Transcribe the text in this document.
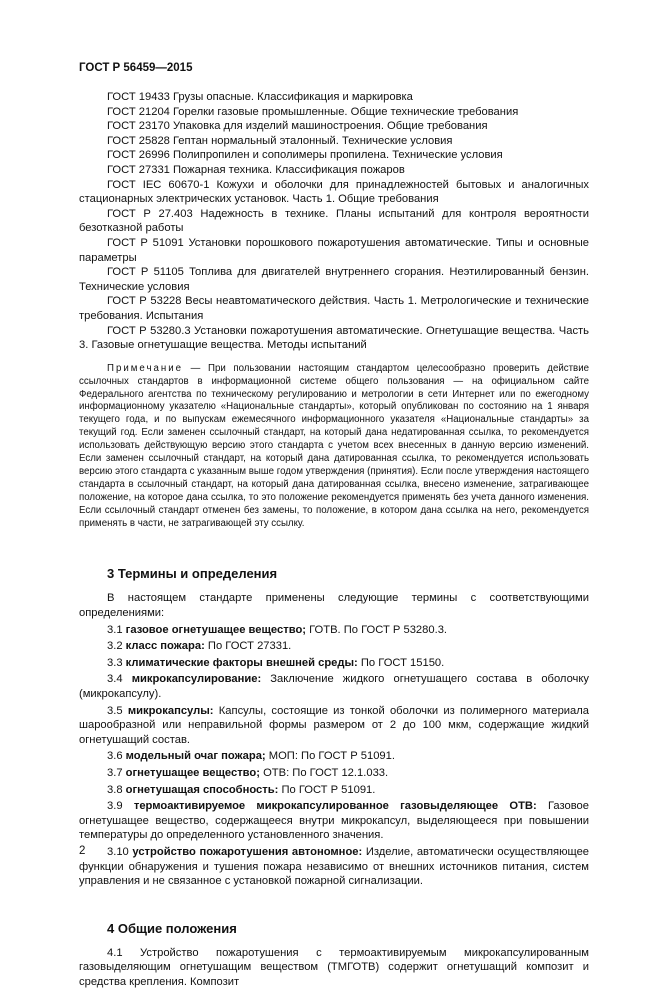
ГОСТ Р 56459—2015

ГОСТ 19433 Грузы опасные. Классификация и маркировка

ГОСТ 21204 Горелки газовые промышленные. Общие технические требования

ГОСТ 23170 Упаковка для изделий машиностроения. Общие требования

ГОСТ 25828 Гептан нормальный эталонный. Технические условия

ГОСТ 26996 Полипропилен и сополимеры пропилена. Технические условия

ГОСТ 27331 Пожарная техника. Классификация пожаров

ГОСТ IEC 60670-1 Кожухи и оболочки для принадлежностей бытовых и аналогичных стационарных электрических установок. Часть 1. Общие требования

ГОСТ Р 27.403 Надежность в технике. Планы испытаний для контроля вероятности безотказной работы

ГОСТ Р 51091 Установки порошкового пожаротушения автоматические. Типы и основные параметры

ГОСТ Р 51105 Топлива для двигателей внутреннего сгорания. Неэтилированный бензин. Технические условия

ГОСТ Р 53228 Весы неавтоматического действия. Часть 1. Метрологические и технические требования. Испытания

ГОСТ Р 53280.3 Установки пожаротушения автоматические. Огнетушащие вещества. Часть 3. Газовые огнетушащие вещества. Методы испытаний

Примечание — При пользовании настоящим стандартом целесообразно проверить действие ссылочных стандартов в информационной системе общего пользования — на официальном сайте Федерального агентства по техническому регулированию и метрологии в сети Интернет или по ежегодному информационному указателю «Национальные стандарты», который опубликован по состоянию на 1 января текущего года, и по выпускам ежемесячного информационного указателя «Национальные стандарты» за текущий год. Если заменен ссылочный стандарт, на который дана недатированная ссылка, то рекомендуется использовать действующую версию этого стандарта с учетом всех внесенных в данную версию изменений. Если заменен ссылочный стандарт, на который дана датированная ссылка, то рекомендуется использовать версию этого стандарта с указанным выше годом утверждения (принятия). Если после утверждения настоящего стандарта в ссылочный стандарт, на который дана датированная ссылка, внесено изменение, затрагивающее положение, на которое дана ссылка, то это положение рекомендуется применять без учета данного изменения. Если ссылочный стандарт отменен без замены, то положение, в котором дана ссылка на него, рекомендуется применять в части, не затрагивающей эту ссылку.
3 Термины и определения

В настоящем стандарте применены следующие термины с соответствующими определениями:

3.1 газовое огнетушащее вещество; ГОТВ. По ГОСТ Р 53280.3.

3.2 класс пожара: По ГОСТ 27331.

3.3 климатические факторы внешней среды: По ГОСТ 15150.

3.4 микрокапсулирование: Заключение жидкого огнетушащего состава в оболочку (микрокапсулу).

3.5 микрокапсулы: Капсулы, состоящие из тонкой оболочки из полимерного материала шарообразной или неправильной формы размером от 2 до 100 мкм, содержащие жидкий огнетушащий состав.

3.6 модельный очаг пожара; МОП: По ГОСТ Р 51091.

3.7 огнетушащее вещество; ОТВ: По ГОСТ 12.1.033.

3.8 огнетушащая способность: По ГОСТ Р 51091.

3.9 термоактивируемое микрокапсулированное газовыделяющее ОТВ: Газовое огнетушащее вещество, содержащееся внутри микрокапсул, выделяющееся при повышении температуры до определенного установленного значения.

3.10 устройство пожаротушения автономное: Изделие, автоматически осуществляющее функции обнаружения и тушения пожара независимо от внешних источников питания, систем управления и не связанное с установкой пожарной сигнализации.

4 Общие положения

4.1 Устройство пожаротушения с термоактивируемым микрокапсулированным газовыделяющим огнетушащим веществом (ТМГОТВ) содержит огнетушащий композит и средства крепления. Композит

2
